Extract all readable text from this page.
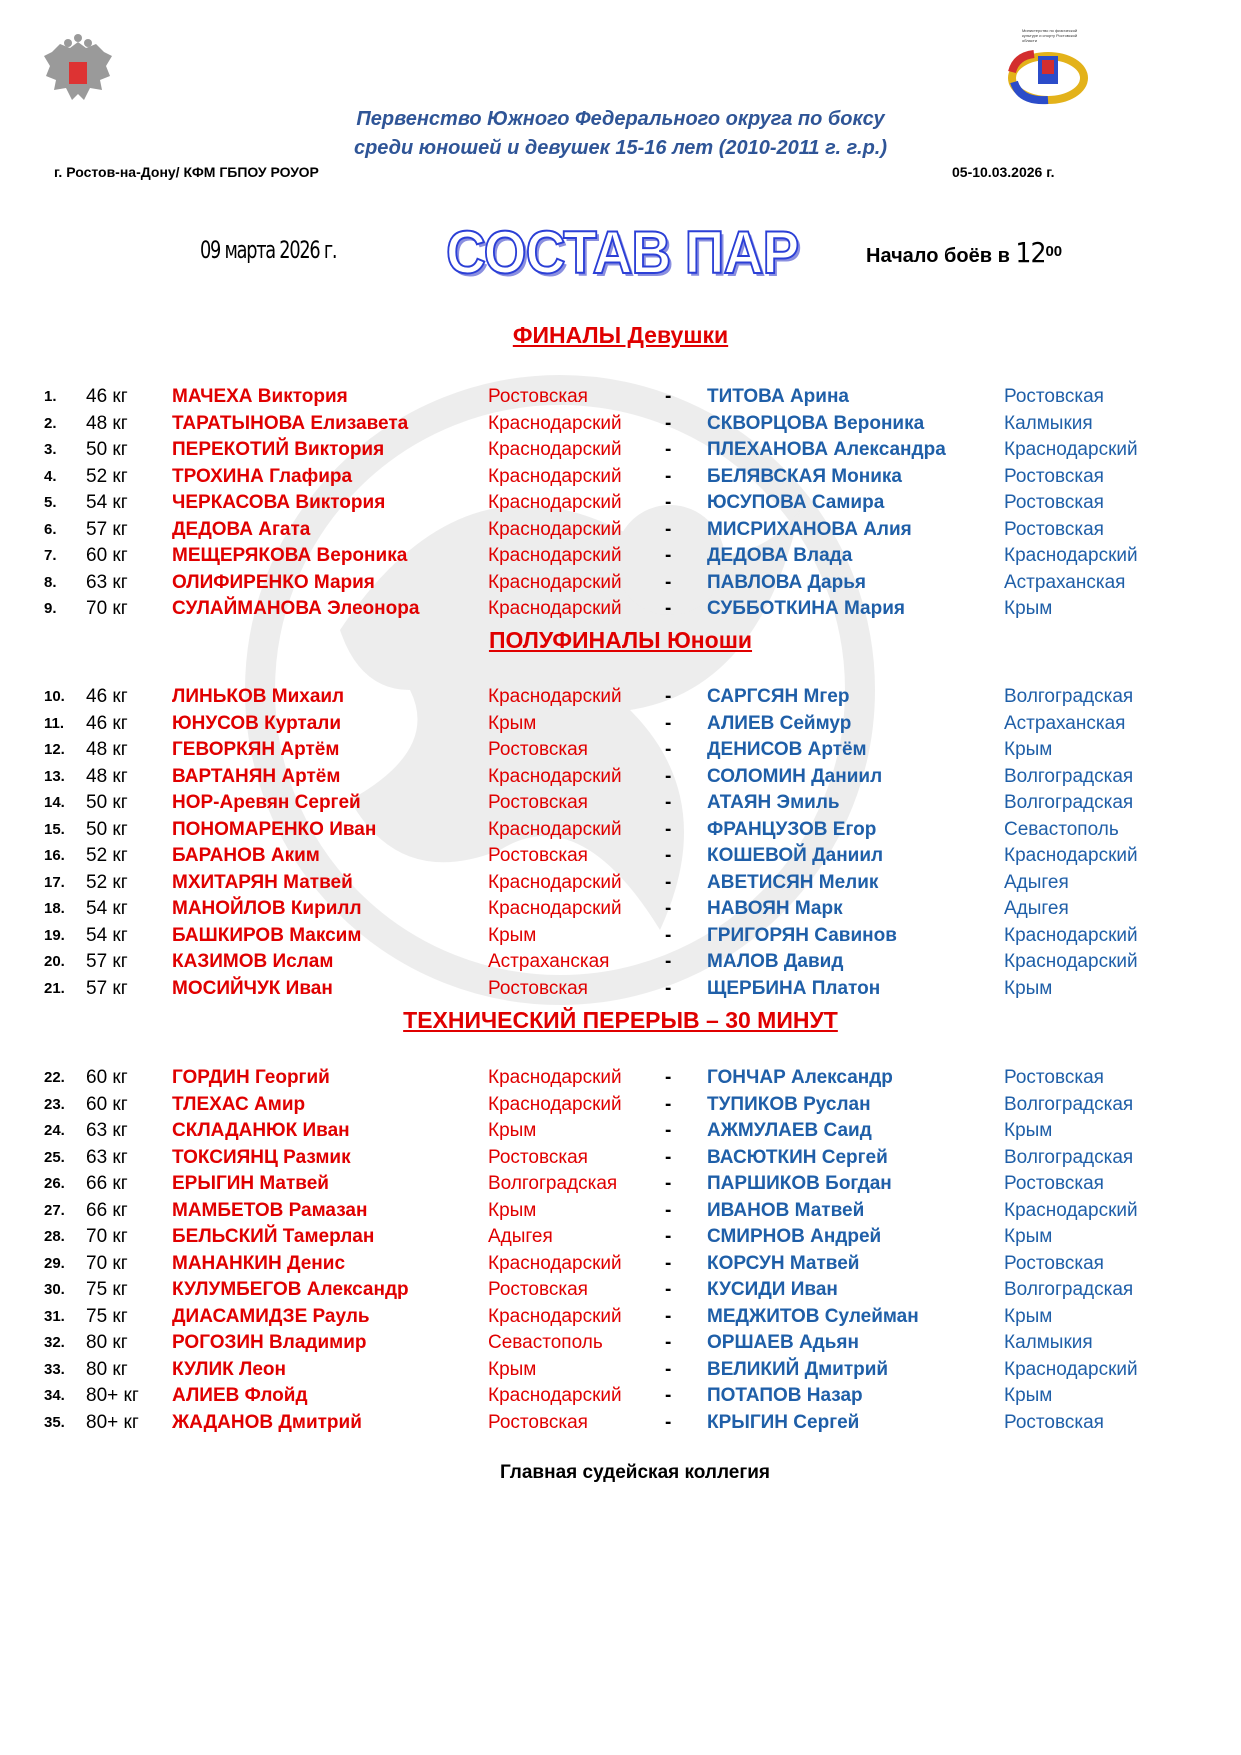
Министерство по физической культуре и спорту Ростовской области
Первенство Южного Федерального округа по боксу
среди юношей и девушек 15-16 лет (2010-2011 г. г.р.)
г. Ростов-на-Дону/ КФМ ГБПОУ РОУОР	05-10.03.2026 г.
09 марта 2026 г. СОСТАВ ПАР	Начало боёв в $12^{00}$
ФИНАЛЫ Девушки
1. 46 кг МАЧЕХА Виктория	Ростовская	- ТИТОВА Арина	Ростовская
2. 48 кг ТАРАТЫНОВА Елизавета	Краснодарский - СКВОРЦОВА Вероника	Калмыкия
3. 50 кг ПЕРЕКОТИЙ Виктория	Краснодарский - ПЛЕХАНОВА Александра	Краснодарский
4. 52 кг ТРОХИНА Глафира	Краснодарский - БЕЛЯВСКАЯ Моника	Ростовская
5. 54 кг ЧЕРКАСОВА Виктория	Краснодарский - ЮСУПОВА Самира	Ростовская
6. 57 кг ДЕДОВА Агата	Краснодарский - МИСРИХАНОВА Алия	Ростовская
7. 60 кг МЕЩЕРЯКОВА Вероника	Краснодарский - ДЕДОВА Влада	Краснодарский
8. 63 кг ОЛИФИРЕНКО Мария	Краснодарский - ПАВЛОВА Дарья	Астраханская
9. 70 кг СУЛАЙМАНОВА Элеонора	Краснодарский - СУББОТКИНА Мария	Крым
ПОЛУФИНАЛЫ Юноши
10. 46 кг ЛИНЬКОВ Михаил	Краснодарский - САРГСЯН Мгер	Волгоградская
11. 46 кг ЮНУСОВ Куртали	Крым	- АЛИЕВ Сеймур	Астраханская
12. 48 кг ГЕВОРКЯН Артём	Ростовская	- ДЕНИСОВ Артём	Крым
13. 48 кг ВАРТАНЯН Артём	Краснодарский - СОЛОМИН Даниил	Волгоградская
14. 50 кг НОР-Аревян Сергей	Ростовская	- АТАЯН Эмиль	Волгоградская
15. 50 кг ПОНОМАРЕНКО Иван	Краснодарский - ФРАНЦУЗОВ Егор	Севастополь
16. 52 кг БАРАНОВ Аким	Ростовская	- КОШЕВОЙ Даниил	Краснодарский
17. 52 кг МХИТАРЯН Матвей	Краснодарский - АВЕТИСЯН Мелик	Адыгея
18. 54 кг МАНОЙЛОВ Кирилл	Краснодарский - НАВОЯН Марк	Адыгея
19. 54 кг БАШКИРОВ Максим	Крым	- ГРИГОРЯН Савинов	Краснодарский
20. 57 кг КАЗИМОВ Ислам	Астраханская	- МАЛОВ Давид	Краснодарский
21. 57 кг МОСИЙЧУК Иван	Ростовская	- ЩЕРБИНА Платон	Крым
ТЕХНИЧЕСКИЙ ПЕРЕРЫВ – 30 МИНУТ
22. 60 кг ГОРДИН Георгий	Краснодарский - ГОНЧАР Александр	Ростовская
23. 60 кг ТЛЕХАС Амир	Краснодарский - ТУПИКОВ Руслан	Волгоградская
24. 63 кг СКЛАДАНЮК Иван	Крым	- АЖМУЛАЕВ Саид	Крым
25. 63 кг ТОКСИЯНЦ Размик	Ростовская	- ВАСЮТКИН Сергей	Волгоградская
26. 66 кг ЕРЫГИН Матвей	Волгоградская	- ПАРШИКОВ Богдан	Ростовская
27. 66 кг МАМБЕТОВ Рамазан	Крым	- ИВАНОВ Матвей	Краснодарский
28. 70 кг БЕЛЬСКИЙ Тамерлан	Адыгея	- СМИРНОВ Андрей	Крым
29. 70 кг МАНАНКИН Денис	Краснодарский - КОРСУН Матвей	Ростовская
30. 75 кг КУЛУМБЕГОВ Александр	Ростовская	- КУСИДИ Иван	Волгоградская
31. 75 кг ДИАСАМИДЗЕ Рауль	Краснодарский - МЕДЖИТОВ Сулейман	Крым
32. 80 кг РОГОЗИН Владимир	Севастополь	- ОРШАЕВ Адьян	Калмыкия
33. 80 кг КУЛИК Леон	Крым	- ВЕЛИКИЙ Дмитрий	Краснодарский
34. 80+ кг АЛИЕВ Флойд	Краснодарский - ПОТАПОВ Назар	Крым
35. 80+ кг ЖАДАНОВ Дмитрий	Ростовская	- КРЫГИН Сергей	Ростовская
Главная судейская коллегия
